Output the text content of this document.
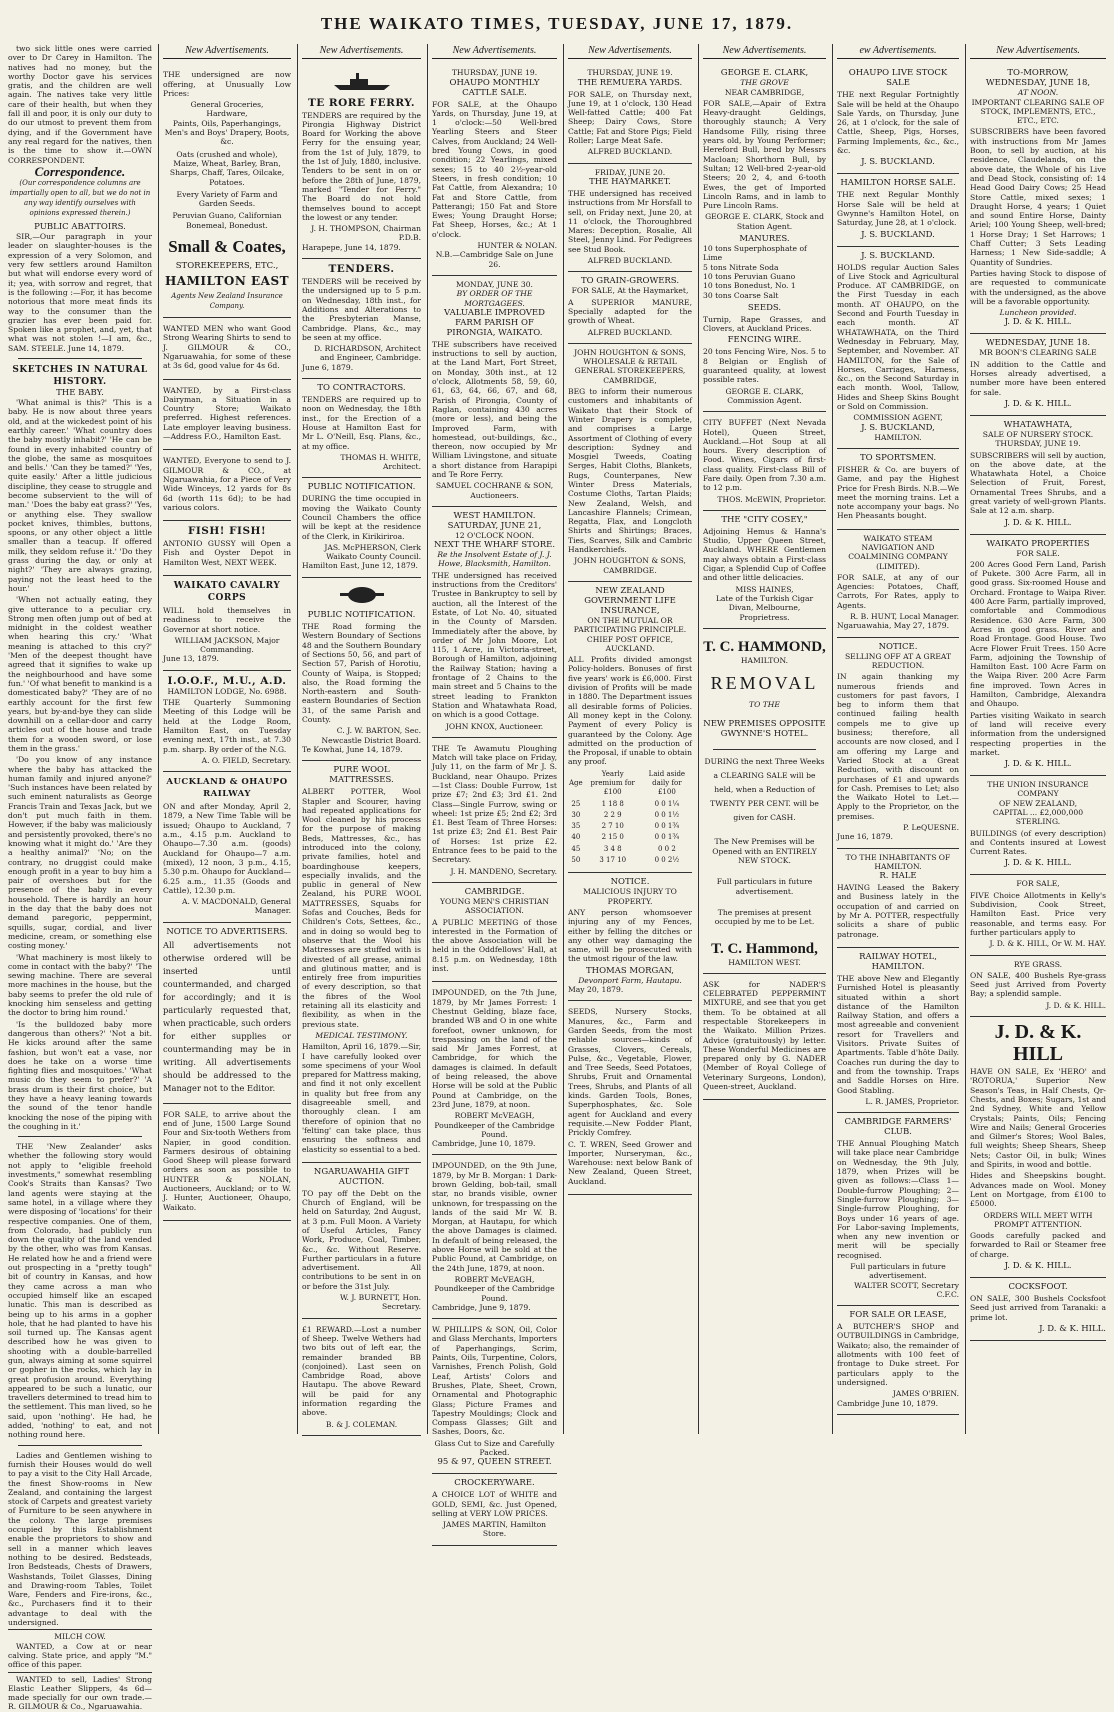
THE WAIKATO TIMES, TUESDAY, JUNE 17, 1879.

two sick little ones were carried over to Dr Carey in Hamilton. The natives had no money, but the worthy Doctor gave his services gratis, and the children are well again. The natives take very little care of their health, but when they fall ill and poor, it is only our duty to do our utmost to prevent them from dying, and if the Government have any real regard for the natives, then is the time to show it.—OWN CORRESPONDENT.

Correspondence.

(Our correspondence columns are impartially open to all, but we do not in any way identify ourselves with opinions expressed therein.)

PUBLIC ABATTOIRS.

SIR,—Our paragraph in your leader on slaughter-houses is the expression of a very Solomon, and very few settlers around Hamilton but what will endorse every word of it; yea, with sorrow and regret, that is the following :—For, it has become notorious that more meat finds its way to the consumer than the grazier has ever been paid for. Spoken like a prophet, and, yet, that what was not stolen !—I am, &c., SAM. STEELE. June 14, 1879.

SKETCHES IN NATURAL HISTORY.
THE BABY.

'What animal is this?' 'This is a baby. He is now about three years old, and at the wickedest point of his earthly career.' 'What country does the baby mostly inhabit?' 'He can be found in every inhabited country of the globe, the same as mosquitoes and bells.' 'Can they be tamed?' 'Yes, quite easily.' After a little judicious discipline, they cease to struggle and become subservient to the will of man.' 'Does the baby eat grass?' 'Yes, or anything else. They swallow pocket knives, thimbles, buttons, spoons, or any other object a little smaller than a teacup. If offered milk, they seldom refuse it.' 'Do they grass during the day, or only at night?' 'They are always grazing, paying not the least heed to the hour.'

'When not actually eating, they give utterance to a peculiar cry. Strong men often jump out of bed at midnight in the coldest weather when hearing this cry.' 'What meaning is attached to this cry?' 'Men of the deepest thought have agreed that it signifies to wake up the neighbourhood and have some fun.' 'Of what benefit to mankind is a domesticated baby?' 'They are of no earthly account for the first few years, but by-and-bye they can slide downhill on a cellar-door and carry articles out of the house and trade them for a wooden sword, or lose them in the grass.'

'Do you know of any instance where the baby has attacked the human family and injured anyone?' 'Such instances have been related by such eminent naturalists as George Francis Train and Texas Jack, but we don't put much faith in them. However, if the baby was maliciously and persistently provoked, there's no knowing what it might do.' 'Are they a healthy animal?' 'No; on the contrary, no druggist could make enough profit in a year to buy him a pair of overshoes but for the presence of the baby in every household. There is hardly an hour in the day that the baby does not demand paregoric, peppermint, squills, sugar, cordial, and liver medicine, cream, or something else costing money.'

'What machinery is most likely to come in contact with the baby?' 'The sewing machine. There are several more machines in the house, but the baby seems to prefer the old rule of knocking him senseless and getting the doctor to bring him round.'

'Is the bulldozed baby more dangerous than others?' 'Not a bit. He kicks around after the same fashion, but won't eat a vase, nor does he take on a worse time fighting flies and mosquitoes.' 'What music do they seem to prefer?' 'A brass drum is their first choice, but they have a heavy leaning towards the sound of the tenor handle knocking the nose of the piping with the coughing in it.'

THE 'New Zealander' asks whether the following story would not apply to "eligible freehold investments," somewhat resembling Cook's Straits than Kansas? Two land agents were staying at the same hotel, in a village where they were disposing of 'locations' for their respective companies. One of them, from Colorado, had publicly run down the quality of the land vended by the other, who was from Kansas. He related how he and a friend were out prospecting in a "pretty tough" bit of country in Kansas, and how they came across a man who occupied himself like an escaped lunatic. This man is described as being up to his arms in a gopher hole, that he had planted to have his soil turned up. The Kansas agent described how he was given to shooting with a double-barrelled gun, always aiming at some squirrel or gopher in the rocks, which lay in great profusion around. Everything appeared to be such a lunatic, our travellers determined to tread him to the settlement. This man lived, so he said, upon 'nothing'. He had, he added, 'nothing' to eat, and not nothing round here.

Ladies and Gentlemen wishing to furnish their Houses would do well to pay a visit to the City Hall Arcade, the finest Show-rooms in New Zealand, and containing the largest stock of Carpets and greatest variety of Furniture to be seen anywhere in the colony. The large premises occupied by this Establishment enable the proprietors to show and sell in a manner which leaves nothing to be desired. Bedsteads, Iron Bedsteads, Chests of Drawers, Washstands, Toilet Glasses, Dining and Drawing-room Tables, Toilet Ware, Fenders and Fire-irons, &c., &c., Purchasers find it to their advantage to deal with the undersigned.

MILCH COW.

WANTED, a Cow at or near calving. State price, and apply "M." office of this paper.

WANTED to sell, Ladies' Strong Elastic Leather Slippers, 4s 6d—made specially for our own trade.—R. GILMOUR & Co., Ngaruawahia.

New Advertisements.

THE undersigned are now offering, at Unusually Low Prices:

General Groceries,
Hardware,
Paints, Oils, Paperhangings,
Men's and Boys' Drapery, Boots, &c.
Oats (crushed and whole), Maize, Wheat, Barley, Bran, Sharps, Chaff, Tares, Oilcake, Potatoes.
Every Variety of Farm and Garden Seeds.
Peruvian Guano, Californian Bonemeal, Bonedust.
Small & Coates,
STOREKEEPERS, ETC.,
HAMILTON EAST
Agents New Zealand Insurance Company.

WANTED MEN who want Good Strong Wearing Shirts to send to J. GILMOUR & CO., Ngaruawahia, for some of these at 3s 6d, good value for 4s 6d.

WANTED, by a First-class Dairyman, a Situation in a Country Store; Waikato preferred. Highest references. Late employer leaving business.—Address F.O., Hamilton East.

WANTED, Everyone to send to J. GILMOUR & CO., at Ngaruawahia, for a Piece of Very Wide Winceys, 12 yards for 8s 6d (worth 11s 6d); to be had various colors.

FISH! FISH!

ANTONIO GUSSY will Open a Fish and Oyster Depot in Hamilton West, NEXT WEEK.

WAIKATO CAVALRY CORPS

WILL hold themselves in readiness to receive the Governor at short notice.

WILLIAM JACKSON, Major Commanding.
June 13, 1879.
I.O.O.F., M.U., A.D.
HAMILTON LODGE, No. 6988.

THE Quarterly Summoning Meeting of this Lodge will be held at the Lodge Room, Hamilton East, on Tuesday evening next, 17th inst., at 7.30 p.m. sharp. By order of the N.G.

A. O. FIELD, Secretary.
AUCKLAND & OHAUPO RAILWAY

ON and after Monday, April 2, 1879, a New Time Table will be issued; Ohaupo to Auckland, 7 a.m., 4.15 p.m. Auckland to Ohaupo—7.30 a.m. (goods) Auckland for Ohaupo—7 a.m. (mixed), 12 noon, 3 p.m., 4.15, 5.30 p.m. Ohaupo for Auckland—6.25 a.m., 11.35 (Goods and Cattle), 12.30 p.m.

A. V. MACDONALD, General Manager.
NOTICE TO ADVERTISERS.

All advertisements not otherwise ordered will be inserted until countermanded, and charged for accordingly; and it is particularly requested that, when practicable, such orders for either supplies or countermanding may be in writing. All advertisements should be addressed to the Manager not to the Editor.

FOR SALE, to arrive about the end of June, 1500 Large Sound Four and Six-tooth Wethers from Napier, in good condition. Farmers desirous of obtaining Good Sheep will please forward orders as soon as possible to HUNTER & NOLAN, Auctioneers, Auckland; or to W. J. Hunter, Auctioneer, Ohaupo, Waikato.

New Advertisements.
TE RORE FERRY.

TENDERS are required by the Pirongia Highway District Board for Working the above Ferry for the ensuing year, from the 1st of July, 1879, to the 1st of July, 1880, inclusive. Tenders to be sent in on or before the 28th of June, 1879, marked "Tender for Ferry." The Board do not hold themselves bound to accept the lowest or any tender.

J. H. THOMPSON, Chairman P.D.B.
Harapepe, June 14, 1879.
TENDERS.

TENDERS will be received by the undersigned up to 5 p.m. on Wednesday, 18th inst., for Additions and Alterations to the Presbyterian Manse, Cambridge. Plans, &c., may be seen at my office.

D. RICHARDSON, Architect and Engineer, Cambridge.
June 6, 1879.
TO CONTRACTORS.

TENDERS are required up to noon on Wednesday, the 18th inst., for the Erection of a House at Hamilton East for Mr L. O'Neill, Esq. Plans, &c., at my office.

THOMAS H. WHITE, Architect.
PUBLIC NOTIFICATION.

DURING the time occupied in moving the Waikato County Council Chambers the office will be kept at the residence of the Clerk, in Kirikiriroa.

JAS. McPHERSON, Clerk Waikato County Council.
Hamilton East, June 12, 1879.
PUBLIC NOTIFICATION.

THE Road forming the Western Boundary of Sections 48 and the Southern Boundary of Sections 50, 56, and part of Section 57, Parish of Horotiu, County of Waipa, is Stopped; also, the Road forming the North-eastern and South-eastern Boundaries of Section 31, of the same Parish and County.

C. J. W. BARTON, Sec. Newcastle District Board.
Te Kowhai, June 14, 1879.
PURE WOOL MATTRESSES.

ALBERT POTTER, Wool Stapler and Scourer, having had repeated applications for Wool cleaned by his process for the purpose of making Beds, Mattresses, &c., has introduced into the colony, private families, hotel and boardinghouse keepers, especially invalids, and the public in general of New Zealand, his PURE WOOL MATTRESSES, Squabs for Sofas and Couches, Beds for Children's Cots, Settees, &c., and in doing so would beg to observe that the Wool his Mattresses are stuffed with is divested of all grease, animal and glutinous matter, and is entirely free from impurities of every description, so that the fibres of the Wool retaining all its elasticity and flexibility, as when in the previous state.

MEDICAL TESTIMONY.

Hamilton, April 16, 1879.—Sir, I have carefully looked over some specimens of your Wool prepared for Mattress making, and find it not only excellent in quality but free from any disagreeable smell, and thoroughly clean. I am therefore of opinion that no 'felting' can take place, thus ensuring the softness and elasticity so essential to a bed.

NGARUAWAHIA GIFT AUCTION.

TO pay off the Debt on the Church of England, will be held on Saturday, 2nd August, at 3 p.m. Full Moon. A Variety of Useful Articles, Fancy Work, Produce, Coal, Timber, &c., &c. Without Reserve. Further particulars in a future advertisement. All contributions to be sent in on or before the 31st July.

W. J. BURNETT, Hon. Secretary.

£1 REWARD.—Lost a number of Sheep. Twelve Wethers had two bits out of left ear, the remainder branded BB (conjoined). Last seen on Cambridge Road, above Hautapu. The above Reward will be paid for any information regarding the above.

B. & J. COLEMAN.
New Advertisements.
THURSDAY, JUNE 19.
OHAUPO MONTHLY CATTLE SALE.

FOR SALE, at the Ohaupo Yards, on Thursday, June 19, at 1 o'clock:—50 Well-bred Yearling Steers and Steer Calves, from Auckland; 24 Well-bred Young Cows, in good condition; 22 Yearlings, mixed sexes; 15 to 40 2½-year-old Steers, in fresh condition; 10 Fat Cattle, from Alexandra; 10 Fat and Store Cattle, from Patterangi; 150 Fat and Store Ewes; Young Draught Horse; Fat Sheep, Horses, &c.; At 1 o'clock.

HUNTER & NOLAN.
N.B.—Cambridge Sale on June 26.
MONDAY, JUNE 30.
BY ORDER OF THE MORTGAGEES.
VALUABLE IMPROVED FARM PARISH OF PIRONGIA, WAIKATO.

THE subscribers have received instructions to sell by auction, at the Land Mart, Fort Street, on Monday, 30th inst., at 12 o'clock, Allotments 58, 59, 60, 61, 63, 64, 66, 67, and 68, Parish of Pirongia, County of Raglan, containing 430 acres (more or less), and being the Improved Farm, with homestead, out-buildings, &c., thereon, now occupied by Mr William Livingstone, and situate a short distance from Harapipi and Te Rore Ferry.

SAMUEL COCHRANE & SON, Auctioneers.
WEST HAMILTON.
SATURDAY, JUNE 21,
12 O'CLOCK NOON.
NEXT THE WHARF STORE.
Re the Insolvent Estate of J. J. Howe, Blacksmith, Hamilton.

THE undersigned has received instructions from the Creditors' Trustee in Bankruptcy to sell by auction, all the Interest of the Estate, of Lot No. 40, situated in the County of Marsden. Immediately after the above, by order of Mr John Moore, Lot 115, 1 Acre, in Victoria-street, Borough of Hamilton, adjoining the Railway Station; having a frontage of 2 Chains to the main street and 5 Chains to the street leading to Frankton Station and Whatawhata Road, on which is a good Cottage.

JOHN KNOX, Auctioneer.

THE Te Awamutu Ploughing Match will take place on Friday, July 11, on the farm of Mr J. S. Buckland, near Ohaupo. Prizes—1st Class: Double Furrow, 1st prize £7; 2nd £3; 3rd £1. 2nd Class—Single Furrow, swing or wheel: 1st prize £5; 2nd £2; 3rd £1. Best Team of Three Horses: 1st prize £3; 2nd £1. Best Pair of Horses: 1st prize £2. Entrance fees to be paid to the Secretary.

J. H. MANDENO, Secretary.
CAMBRIDGE.
YOUNG MEN'S CHRISTIAN ASSOCIATION.

A PUBLIC MEETING of those interested in the Formation of the above Association will be held in the Oddfellows' Hall, at 8.15 p.m. on Wednesday, 18th inst.

IMPOUNDED, on the 7th June, 1879, by Mr James Forrest: 1 Chestnut Gelding, blaze face, branded WB and O in one white forefoot, owner unknown, for trespassing on the land of the said Mr James Forrest, at Cambridge, for which the damages is claimed. In default of being released, the above Horse will be sold at the Public Pound at Cambridge, on the 23rd June, 1879, at noon.

ROBERT McVEAGH, Poundkeeper of the Cambridge Pound.
Cambridge, June 10, 1879.

IMPOUNDED, on the 9th June, 1879, by Mr B. Morgan: 1 Dark-brown Gelding, bob-tail, small star, no brands visible, owner unknown, for trespassing on the lands of the said Mr W. B. Morgan, at Hautapu, for which the above Damages is claimed. In default of being released, the above Horse will be sold at the Public Pound, at Cambridge, on the 24th June, 1879, at noon.

ROBERT McVEAGH, Poundkeeper of the Cambridge Pound.
Cambridge, June 9, 1879.

W. PHILLIPS & SON, Oil, Color and Glass Merchants, Importers of Paperhangings, Scrim, Paints, Oils, Turpentine, Colors, Varnishes, French Polish, Gold Leaf, Artists' Colors and Brushes, Plate, Sheet, Crown, Ornamental and Photographic Glass; Picture Frames and Tapestry Mouldings; Clock and Compass Glasses; Gilt and Sashes, Doors, &c.

Glass Cut to Size and Carefully Packed.
95 & 97, QUEEN STREET.
CROCKERYWARE.

A CHOICE LOT of WHITE and GOLD, SEMI, &c. Just Opened, selling at VERY LOW PRICES.

JAMES MARTIN, Hamilton Store.
New Advertisements.
THURSDAY, JUNE 19.
THE REMUERA YARDS.

FOR SALE, on Thursday next, June 19, at 1 o'clock, 130 Head Well-fatted Cattle; 400 Fat Sheep; Dairy Cows, Store Cattle; Fat and Store Pigs; Field Roller; Large Meat Safe.

ALFRED BUCKLAND.
FRIDAY, JUNE 20.
THE HAYMARKET.

THE undersigned has received instructions from Mr Horsfall to sell, on Friday next, June 20, at 11 o'clock, the Thoroughbred Mares: Deception, Rosalie, All Steel, Jenny Lind. For Pedigrees see Stud Book.

ALFRED BUCKLAND.
TO GRAIN-GROWERS.
FOR SALE, At the Haymarket,

A SUPERIOR MANURE, Specially adapted for the growth of Wheat.

ALFRED BUCKLAND.
JOHN HOUGHTON & SONS, WHOLESALE & RETAIL GENERAL STOREKEEPERS, CAMBRIDGE,

BEG to inform their numerous customers and inhabitants of Waikato that their Stock of Winter Drapery is complete, and comprises a Large Assortment of Clothing of every description: Sydney and Mosgiel Tweeds, Coating Serges, Habit Cloths, Blankets, Rugs, Counterpanes, New Winter Dress Materials, Costume Cloths, Tartan Plaids; New Zealand, Welsh, and Lancashire Flannels; Crimean, Regatta, Flax, and Longcloth Shirts and Shirtings; Braces, Ties, Scarves, Silk and Cambric Handkerchiefs.

JOHN HOUGHTON & SONS, CAMBRIDGE.
NEW ZEALAND GOVERNMENT LIFE INSURANCE,
ON THE MUTUAL OR PARTICIPATING PRINCIPLE.
CHIEF POST OFFICE, AUCKLAND.

ALL Profits divided amongst Policy-holders. Bonuses of first five years' work is £6,000. First division of Profits will be made in 1880. The Department issues all desirable forms of Policies. All money kept in the Colony. Payment of every Policy is guaranteed by the Colony. Age admitted on the production of the Proposal, if unable to obtain any proof.

Age	Yearly premium for £100	Laid aside daily for £100
25	1 18 8	0 0 1¼
30	2 2 9	0 0 1½
35	2 7 10	0 0 1¾
40	2 15 0	0 0 1¾
45	3 4 8	0 0 2
50	3 17 10	0 0 2½
NOTICE.
MALICIOUS INJURY TO PROPERTY.

ANY person whomsoever injuring any of my Fences, either by felling the ditches or any other way damaging the same, will be prosecuted with the utmost rigour of the law.

THOMAS MORGAN,
Devonport Farm, Hautapu.
May 20, 1879.

SEEDS, Nursery Stocks, Manures, &c., Farm and Garden Seeds, from the most reliable sources—kinds of Grasses, Clovers, Cereals, Pulse, &c., Vegetable, Flower, and Tree Seeds, Seed Potatoes, Shrubs, Fruit and Ornamental Trees, Shrubs, and Plants of all kinds. Garden Tools, Bones, Superphosphates, &c. Sole agent for Auckland and every requisite.—New Fodder Plant, Prickly Comfrey.

C. T. WREN, Seed Grower and Importer, Nurseryman, &c., Warehouse: next below Bank of New Zealand, Queen Street, Auckland.

New Advertisements.
GEORGE E. CLARK,
THE GROVE
NEAR CAMBRIDGE,

FOR SALE,—Apair of Extra Heavy-draught Geldings, thoroughly staunch; A Very Handsome Filly, rising three years old, by Young Performer; Hereford Bull, bred by Messrs Macloan; Shorthorn Bull, by Sultan; 12 Well-bred 2-year-old Steers; 20 2, 4, and 6-tooth Ewes, the get of Imported Lincoln Rams, and in lamb to Pure Lincoln Rams.

GEORGE E. CLARK, Stock and Station Agent.
MANURES.
10 tons Superphosphate of Lime
5 tons Nitrate Soda
10 tons Peruvian Guano
10 tons Bonedust, No. 1
30 tons Coarse Salt
SEEDS.

Turnip, Rape Grasses, and Clovers, at Auckland Prices.

FENCING WIRE.

20 tons Fencing Wire, Nos. 5 to 8 Belgian or English of guaranteed quality, at lowest possible rates.

GEORGE E. CLARK, Commission Agent.

CITY BUFFET (Next Nevada Hotel), Queen Street, Auckland.—Hot Soup at all hours. Every description of Food. Wines, Cigars of first-class quality. First-class Bill of Fare daily. Open from 7.30 a.m. to 12 p.m.

THOS. McEWIN, Proprietor.
THE "CITY COSEY,"

Adjoining Hemus & Hanna's Studio, Upper Queen Street, Auckland. WHERE Gentlemen may always obtain a First-class Cigar, a Splendid Cup of Coffee and other little delicacies.

MISS HAINES,
Late of the Turkish Cigar Divan, Melbourne, Proprietress.
T. C. HAMMOND,
HAMILTON.
REMOVAL
TO THE
NEW PREMISES OPPOSITE GWYNNE'S HOTEL.

DURING the next Three Weeks a CLEARING SALE will be held, when a Reduction of TWENTY PER CENT. will be given for CASH.

The New Premises will be Opened with an ENTIRELY NEW STOCK.

Full particulars in future advertisement.

The premises at present occupied by me to be Let.

T. C. Hammond,
HAMILTON WEST.

ASK for NADER'S CELEBRATED PEPPERMINT MIXTURE, and see that you get them. To be obtained at all respectable Storekeepers in the Waikato. Million Prizes. Advice (gratuitously) by letter. These Wonderful Medicines are prepared only by G. NADER (Member of Royal College of Veterinary Surgeons, London), Queen-street, Auckland.

ew Advertisements.
OHAUPO LIVE STOCK SALE

THE next Regular Fortnightly Sale will be held at the Ohaupo Sale Yards, on Thursday, June 26, at 1 o'clock, for the sale of Cattle, Sheep, Pigs, Horses, Farming Implements, &c., &c., &c.

J. S. BUCKLAND.
HAMILTON HORSE SALE.

THE next Regular Monthly Horse Sale will be held at Gwynne's Hamilton Hotel, on Saturday, June 28, at 1 o'clock.

J. S. BUCKLAND.
J. S. BUCKLAND.

HOLDS regular Auction Sales of Live Stock and Agricultural Produce. AT CAMBRIDGE, on the First Tuesday in each month. AT OHAUPO, on the Second and Fourth Tuesday in each month. AT WHATAWHATA, on the Third Wednesday in February, May, September, and November. AT HAMILTON, for the Sale of Horses, Carriages, Harness, &c., on the Second Saturday in each month. Wool, Tallow, Hides and Sheep Skins Bought or Sold on Commission.

COMMISSION AGENT,
J. S. BUCKLAND,
HAMILTON.
TO SPORTSMEN.

FISHER & Co. are buyers of Game, and pay the Highest Price for Fresh Birds. N.B.—We meet the morning trains. Let a note accompany your bags. No Hen Pheasants bought.

WAIKATO STEAM NAVIGATION AND COALMINING COMPANY (LIMITED).

FOR SALE, at any of our Agencies: Potatoes, Chaff, Carrots, For Rates, apply to Agents.

R. B. HUNT, Local Manager.
Ngaruawahia, May 27, 1879.
NOTICE.
SELLING OFF AT A GREAT REDUCTION.

IN again thanking my numerous friends and customers for past favors, I beg to inform them that continued failing health compels me to give up business; therefore, all accounts are now closed, and I am offering my Large and Varied Stock at a Great Reduction, with discount on purchases of £1 and upwards for Cash. Premises to Let; also the Waikato Hotel to Let.—Apply to the Proprietor, on the premises.

P. LeQUESNE.
June 16, 1879.
TO THE INHABITANTS OF HAMILTON.
R. HALE

HAVING Leased the Bakery and Business lately in the occupation of and carried on by Mr A. POTTER, respectfully solicits a share of public patronage.

RAILWAY HOTEL, HAMILTON.

THE above New and Elegantly Furnished Hotel is pleasantly situated within a short distance of the Hamilton Railway Station, and offers a most agreeable and convenient resort for Travellers and Visitors. Private Suites of Apartments. Table d'hôte Daily. Coaches run during the day to and from the township. Traps and Saddle Horses on Hire. Good Stabling.

L. R. JAMES, Proprietor.
CAMBRIDGE FARMERS' CLUB.

THE Annual Ploughing Match will take place near Cambridge on Wednesday, the 9th July, 1879, when Prizes will be given as follows:—Class 1—Double-furrow Ploughing; 2—Single-furrow Ploughing; 3—Single-furrow Ploughing, for Boys under 16 years of age. For Labor-saving Implements, when any new invention or merit will be specially recognised.

Full particulars in future advertisement.
WALTER SCOTT, Secretary C.F.C.
FOR SALE OR LEASE,

A BUTCHER'S SHOP and OUTBUILDINGS in Cambridge, Waikato; also, the remainder of allotments with 100 feet of frontage to Duke street. For particulars apply to the undersigned.

JAMES O'BRIEN.
Cambridge June 10, 1879.
New Advertisements.
TO-MORROW,
WEDNESDAY, JUNE 18,
AT NOON.
IMPORTANT CLEARING SALE OF STOCK, IMPLEMENTS, ETC., ETC., ETC.

SUBSCRIBERS have been favored with instructions from Mr James Boon, to sell by auction, at his residence, Claudelands, on the above date, the Whole of his Live and Dead Stock, consisting of: 14 Head Good Dairy Cows; 25 Head Store Cattle, mixed sexes; 1 Draught Horse, 4 years; 1 Quiet and sound Entire Horse, Dainty Ariel; 100 Young Sheep, well-bred; 1 Horse Dray; 1 Set Harrows; 1 Chaff Cutter; 3 Sets Leading Harness; 1 New Side-saddle; A Quantity of Sundries.

Parties having Stock to dispose of are requested to communicate with the undersigned, as the above will be a favorable opportunity.

Luncheon provided.
J. D. & K. HILL.
WEDNESDAY, JUNE 18.
MR BOON'S CLEARING SALE

IN addition to the Cattle and Horses already advertised, a number more have been entered for sale.

J. D. & K. HILL.
WHATAWHATA,
SALE OF NURSERY STOCK.
THURSDAY, JUNE 19.

SUBSCRIBERS will sell by auction, on the above date, at the Whatawhata Hotel, a Choice Selection of Fruit, Forest, Ornamental Trees Shrubs, and a great variety of well-grown Plants. Sale at 12 a.m. sharp.

J. D. & K. HILL.
WAIKATO PROPERTIES
FOR SALE.

200 Acres Good Fern Land, Parish of Pukete. 300 Acre Farm, all in good grass. Six-roomed House and Orchard. Frontage to Waipa River. 400 Acre Farm, partially improved, comfortable and Commodious Residence. 630 Acre Farm, 300 Acres in good grass. River and Road Frontage. Good House. Two Acre Flower Fruit Trees. 150 Acre Farm, adjoining the Township of Hamilton East. 100 Acre Farm on the Waipa River. 200 Acre Farm fine improved. Town Acres in Hamilton, Cambridge, Alexandra and Ohaupo.

Parties visiting Waikato in search of land will receive every information from the undersigned respecting properties in the market.

J. D. & K. HILL.
THE UNION INSURANCE COMPANY
OF NEW ZEALAND,
CAPITAL ... £2,000,000 STERLING.

BUILDINGS (of every description) and Contents insured at Lowest Current Rates.

J. D. & K. HILL.
FOR SALE,

FIVE Choice Allotments in Kelly's Subdivision, Cook Street, Hamilton East. Price very reasonable, and terms easy. For further particulars apply to

J. D. & K. HILL, Or W. M. HAY.
RYE GRASS.

ON SALE, 400 Bushels Rye-grass Seed just Arrived from Poverty Bay; a splendid sample.

J. D. & K. HILL.
J. D. & K. HILL

HAVE ON SALE, Ex 'HERO' and 'ROTORUA,' Superior New Season's Teas, in Half Chests, Qr-Chests, and Boxes; Sugars, 1st and 2nd Sydney, White and Yellow Crystals; Paints, Oils; Fencing Wire and Nails; General Groceries and Gilmer's Stores; Wool Bales, full weights; Sheep Shears, Sheep Nets; Castor Oil, in bulk; Wines and Spirits, in wood and bottle.

Hides and Sheepskins bought. Advances made on Wool. Money Lent on Mortgage, from £100 to £5000.

ORDERS WILL MEET WITH PROMPT ATTENTION.

Goods carefully packed and forwarded to Rail or Steamer free of charge.

J. D. & K. HILL.
COCKSFOOT.

ON SALE, 300 Bushels Cocksfoot Seed just arrived from Taranaki: a prime lot.

J. D. & K. HILL.
